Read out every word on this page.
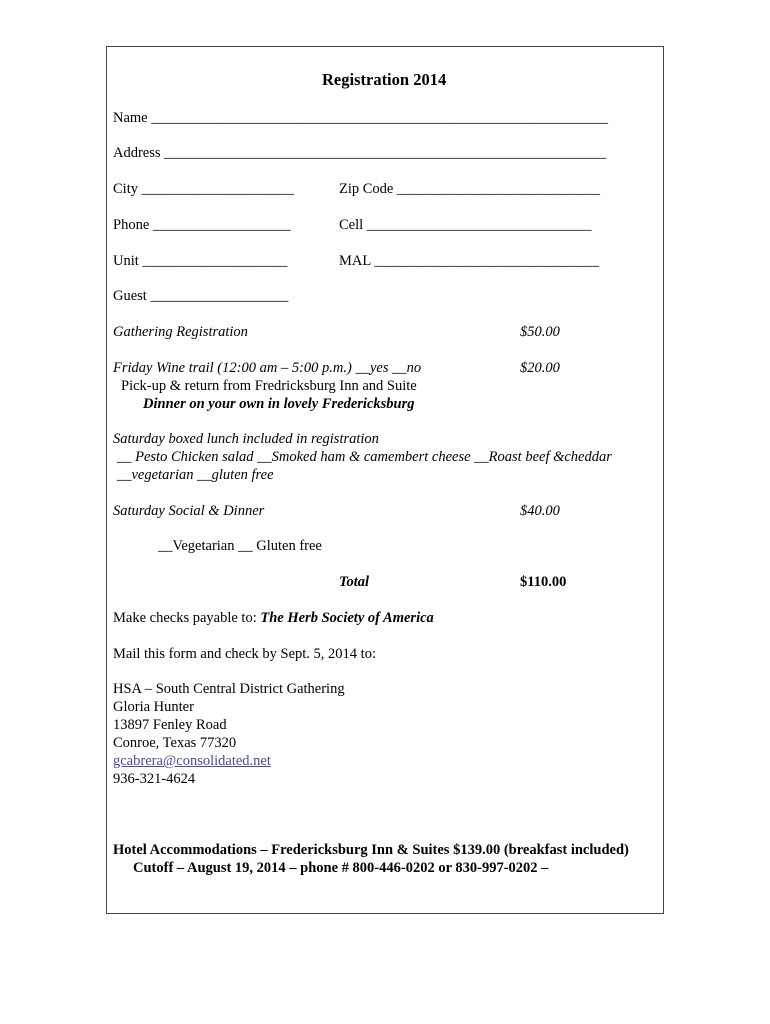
Registration 2014
Name _______________________________________________________________
Address _____________________________________________________________
City _____________________	Zip Code ____________________________
Phone ___________________	Cell _______________________________
Unit ____________________	MAL _______________________________
Guest ___________________
Gathering Registration	$50.00
Friday Wine trail (12:00 am – 5:00 p.m.) __yes __no	$20.00
Pick-up & return from Fredricksburg Inn and Suite
Dinner on your own in lovely Fredericksburg
Saturday boxed lunch included in registration
__ Pesto Chicken salad __Smoked ham & camembert cheese __Roast beef &cheddar
__vegetarian __gluten free
Saturday Social & Dinner	$40.00
__Vegetarian __ Gluten free
Total	$110.00
Make checks payable to: The Herb Society of America
Mail this form and check by Sept. 5, 2014 to:
HSA – South Central District Gathering
Gloria Hunter
13897 Fenley Road
Conroe, Texas 77320
gcabrera@consolidated.net
936-321-4624
Hotel Accommodations – Fredericksburg Inn & Suites $139.00 (breakfast included)
Cutoff – August 19, 2014 – phone # 800-446-0202 or 830-997-0202 –
